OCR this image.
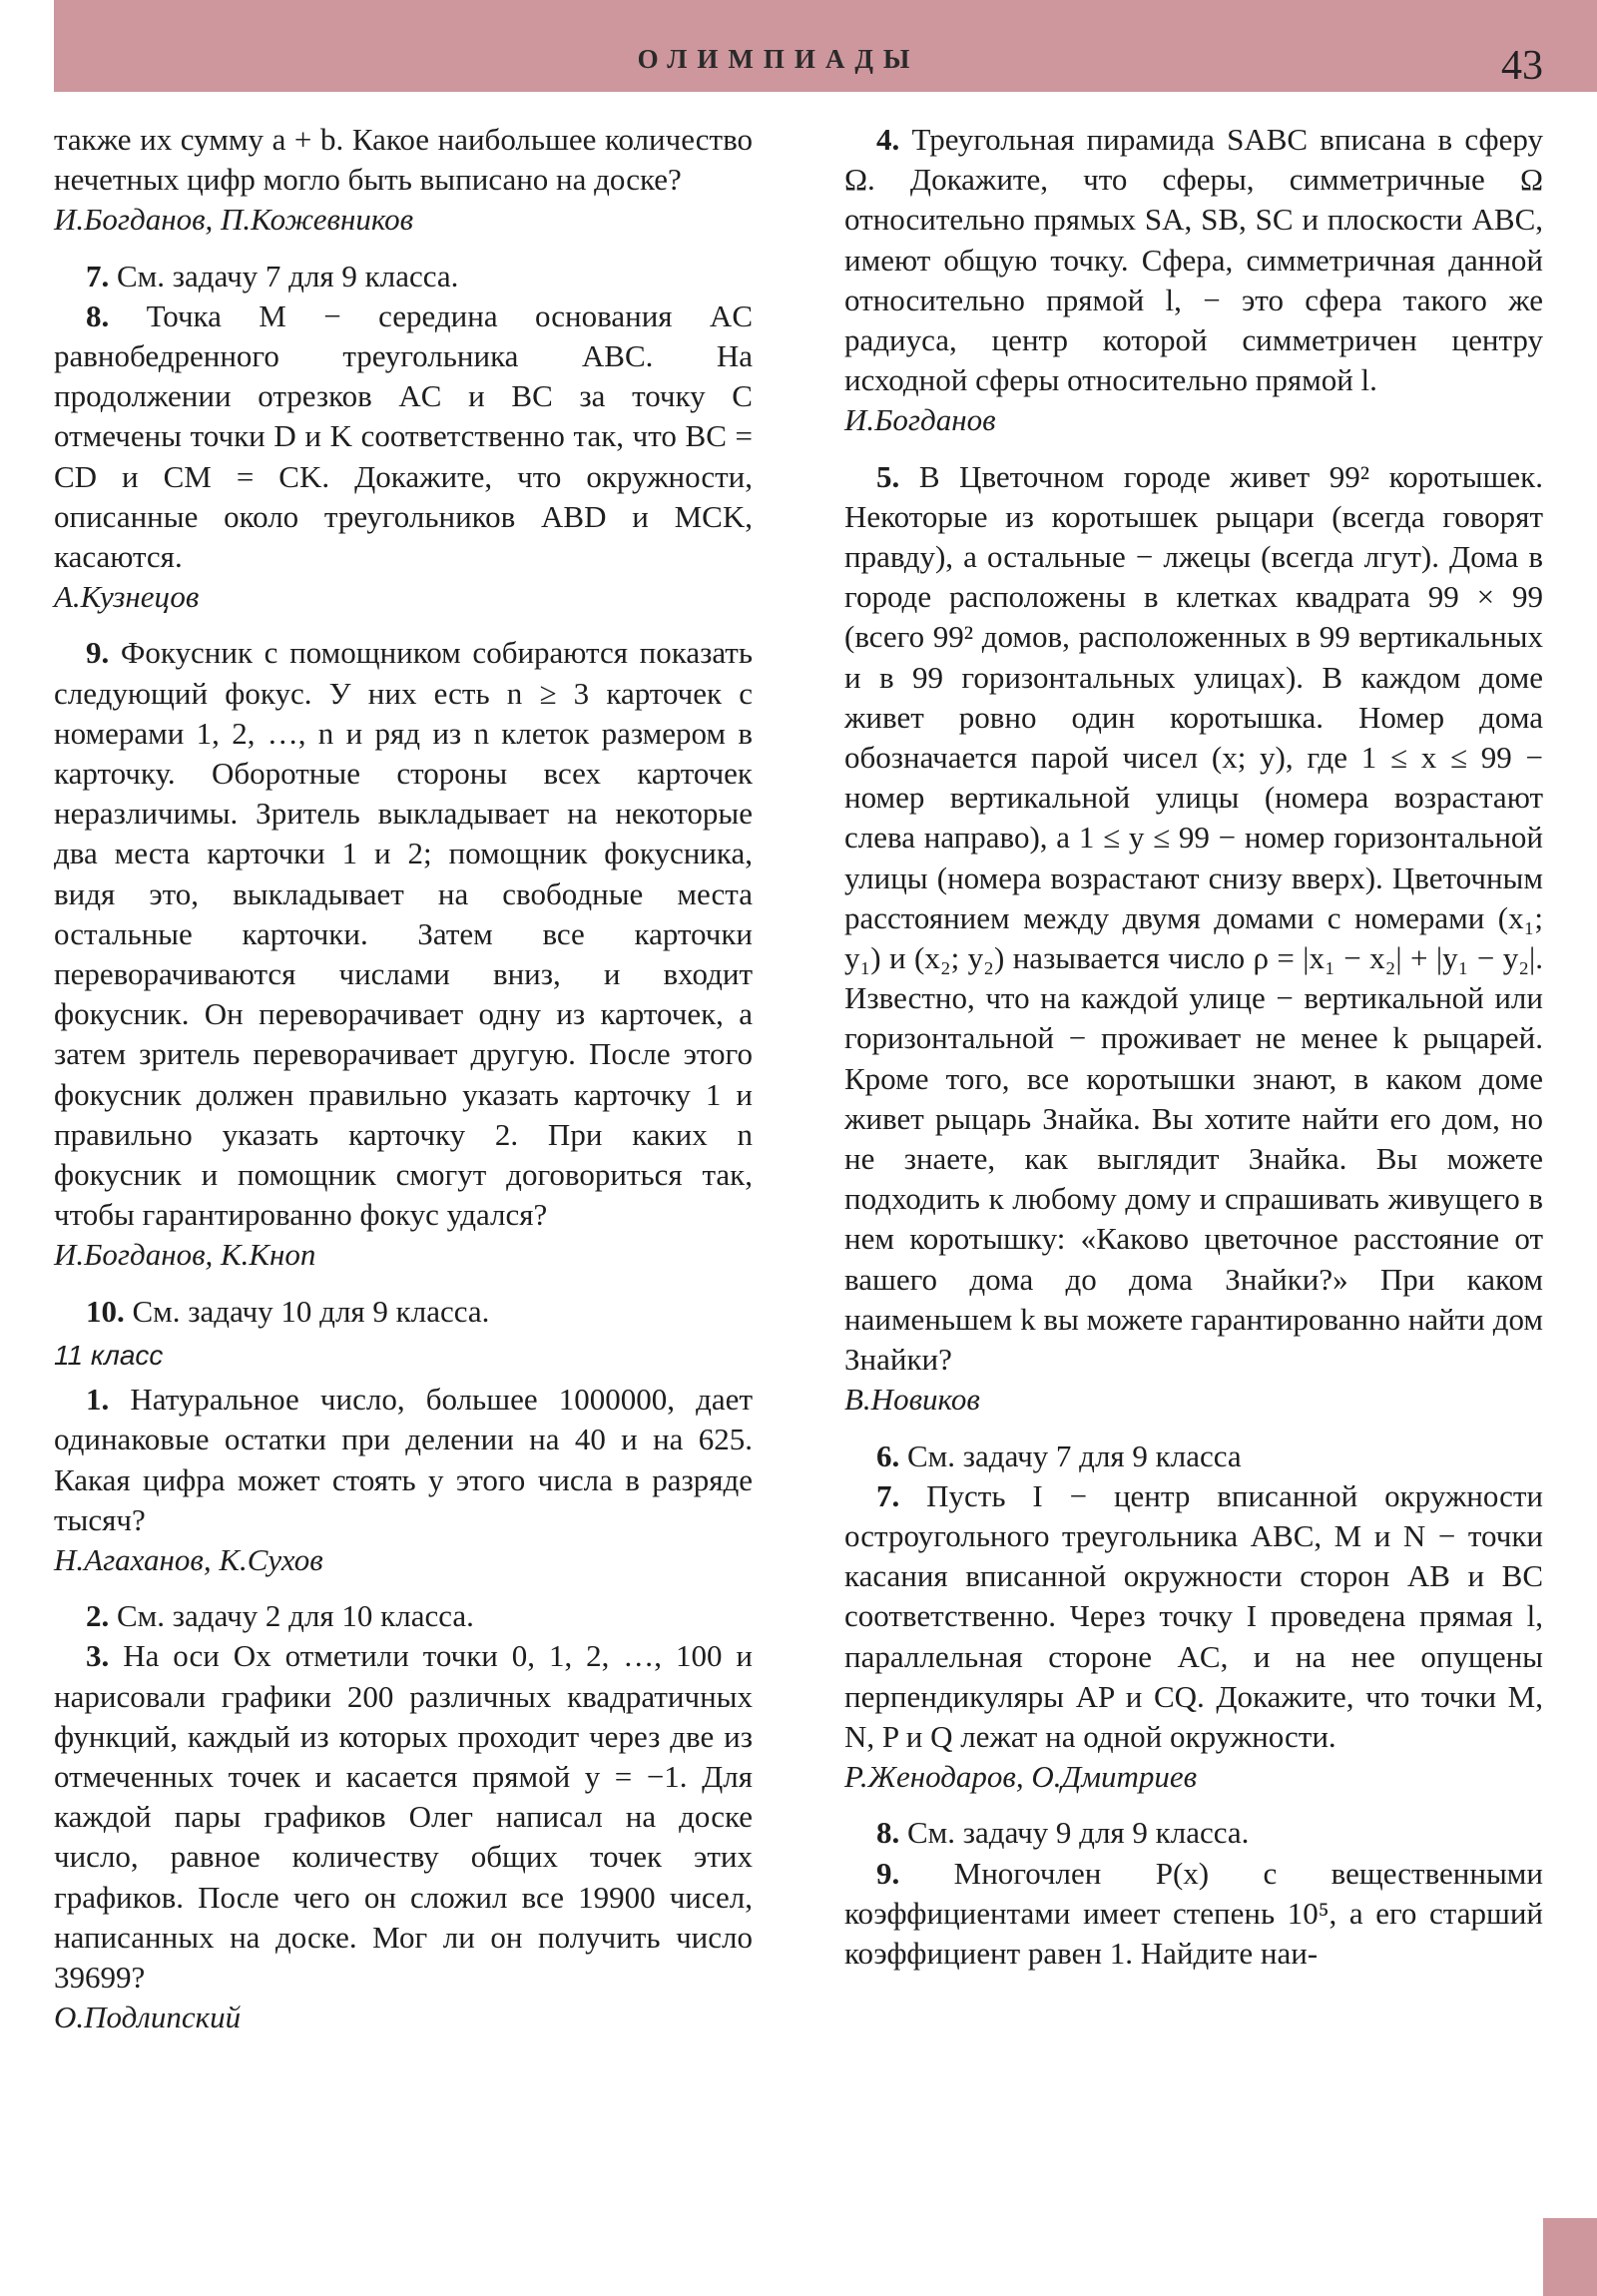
ОЛИМПИАДЫ	43

также их сумму a + b. Какое наибольшее количество нечетных цифр могло быть выписано на доске?

И.Богданов, П.Кожевников

7. См. задачу 7 для 9 класса.

8. Точка M − середина основания AC равнобедренного треугольника ABC. На продолжении отрезков AC и BC за точку C отмечены точки D и K соответственно так, что BC = CD и CM = CK. Докажите, что окружности, описанные около треугольников ABD и MCK, касаются.

А.Кузнецов

9. Фокусник с помощником собираются показать следующий фокус. У них есть n ≥ 3 карточек с номерами 1, 2, …, n и ряд из n клеток размером в карточку. Оборотные стороны всех карточек неразличимы. Зритель выкладывает на некоторые два места карточки 1 и 2; помощник фокусника, видя это, выкладывает на свободные места остальные карточки. Затем все карточки переворачиваются числами вниз, и входит фокусник. Он переворачивает одну из карточек, а затем зритель переворачивает другую. После этого фокусник должен правильно указать карточку 1 и правильно указать карточку 2. При каких n фокусник и помощник смогут договориться так, чтобы гарантированно фокус удался?

И.Богданов, К.Кноп

10. См. задачу 10 для 9 класса.

11 класс

1. Натуральное число, большее 1000000, дает одинаковые остатки при делении на 40 и на 625. Какая цифра может стоять у этого числа в разряде тысяч?

Н.Агаханов, К.Сухов

2. См. задачу 2 для 10 класса.

3. На оси Ox отметили точки 0, 1, 2, …, 100 и нарисовали графики 200 различных квадратичных функций, каждый из которых проходит через две из отмеченных точек и касается прямой y = −1. Для каждой пары графиков Олег написал на доске число, равное количеству общих точек этих графиков. После чего он сложил все 19900 чисел, написанных на доске. Мог ли он получить число 39699?

О.Подлипский

4. Треугольная пирамида SABC вписана в сферу Ω. Докажите, что сферы, симметричные Ω относительно прямых SA, SB, SC и плоскости ABC, имеют общую точку. Сфера, симметричная данной относительно прямой l, − это сфера такого же радиуса, центр которой симметричен центру исходной сферы относительно прямой l.

И.Богданов

5. В Цветочном городе живет 99² коротышек. Некоторые из коротышек рыцари (всегда говорят правду), а остальные − лжецы (всегда лгут). Дома в городе расположены в клетках квадрата 99 × 99 (всего 99² домов, расположенных в 99 вертикальных и в 99 горизонтальных улицах). В каждом доме живет ровно один коротышка. Номер дома обозначается парой чисел (x; y), где 1 ≤ x ≤ 99 − номер вертикальной улицы (номера возрастают слева направо), а 1 ≤ y ≤ 99 − номер горизонтальной улицы (номера возрастают снизу вверх). Цветочным расстоянием между двумя домами с номерами (x₁; y₁) и (x₂; y₂) называется число ρ = |x₁ − x₂| + |y₁ − y₂|. Известно, что на каждой улице − вертикальной или горизонтальной − проживает не менее k рыцарей. Кроме того, все коротышки знают, в каком доме живет рыцарь Знайка. Вы хотите найти его дом, но не знаете, как выглядит Знайка. Вы можете подходить к любому дому и спрашивать живущего в нем коротышку: «Каково цветочное расстояние от вашего дома до дома Знайки?» При каком наименьшем k вы можете гарантированно найти дом Знайки?

В.Новиков

6. См. задачу 7 для 9 класса

7. Пусть I − центр вписанной окружности остроугольного треугольника ABC, M и N − точки касания вписанной окружности сторон AB и BC соответственно. Через точку I проведена прямая l, параллельная стороне AC, и на нее опущены перпендикуляры AP и CQ. Докажите, что точки M, N, P и Q лежат на одной окружности.

Р.Женодаров, О.Дмитриев

8. См. задачу 9 для 9 класса.

9. Многочлен P(x) с вещественными коэффициентами имеет степень 10⁵, а его старший коэффициент равен 1. Найдите наи-
